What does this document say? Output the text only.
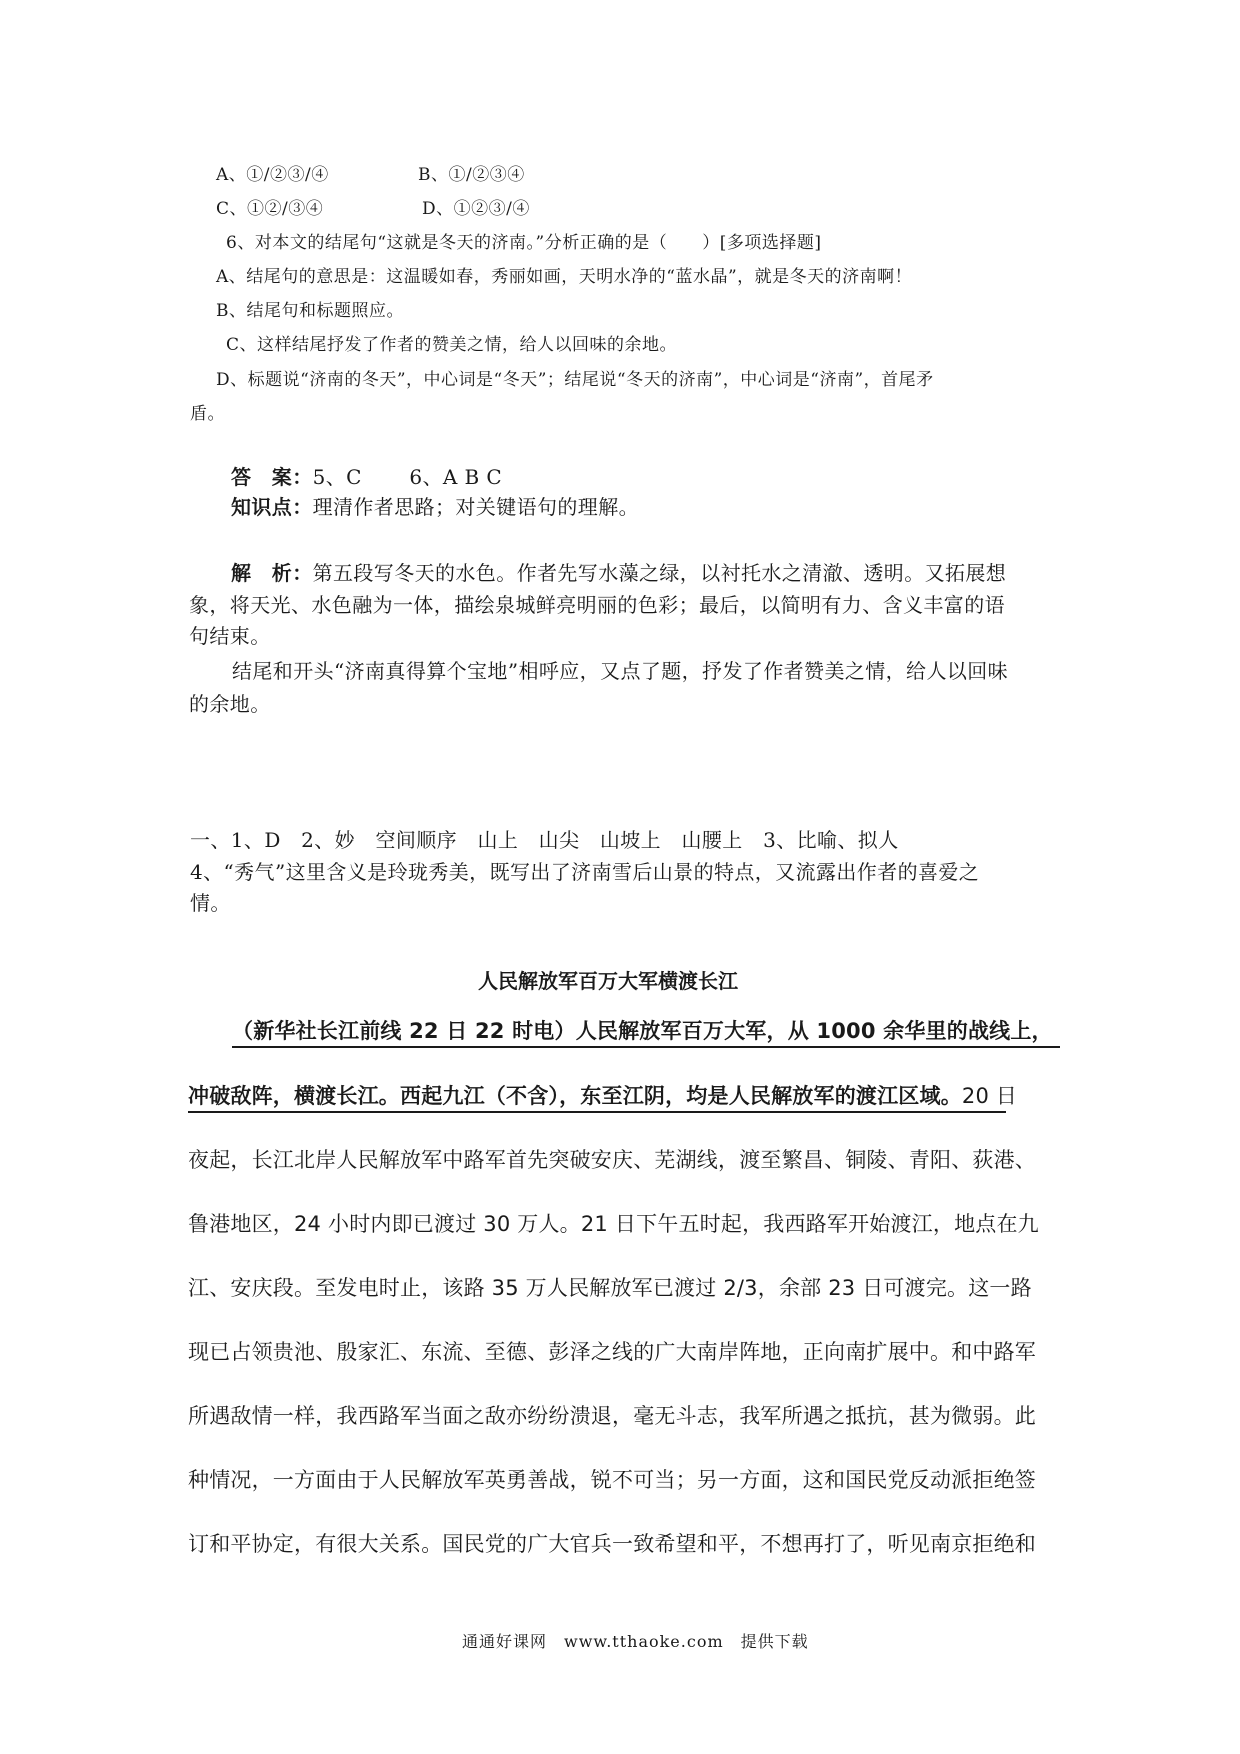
A、①/②③/④	B、①/②③④
C、①②/③④	D、①②③/④
6、对本文的结尾句“这就是冬天的济南。”分析正确的是（　　）[多项选择题]
A、结尾句的意思是：这温暖如春，秀丽如画，天明水净的“蓝水晶”，就是冬天的济南啊！
B、结尾句和标题照应。
C、这样结尾抒发了作者的赞美之情，给人以回味的余地。
D、标题说“济南的冬天”，中心词是“冬天”；结尾说“冬天的济南”，中心词是“济南”，首尾矛
盾。
答　案：5、C　　 6、A B C
知识点：理清作者思路；对关键语句的理解。
解　析：第五段写冬天的水色。作者先写水藻之绿，以衬托水之清澈、透明。又拓展想
象，将天光、水色融为一体，描绘泉城鲜亮明丽的色彩；最后，以简明有力、含义丰富的语
句结束。
结尾和开头“济南真得算个宝地”相呼应，又点了题，抒发了作者赞美之情，给人以回味
的余地。
一、1、D　2、妙　空间顺序　山上　山尖　山坡上　山腰上　3、比喻、拟人
4、“秀气”这里含义是玲珑秀美，既写出了济南雪后山景的特点，又流露出作者的喜爱之
情。
人民解放军百万大军横渡长江
（新华社长江前线 22 日 22 时电）人民解放军百万大军，从 1000 余华里的战线上，
冲破敌阵，横渡长江。西起九江（不含），东至江阴，均是人民解放军的渡江区域。20 日
夜起，长江北岸人民解放军中路军首先突破安庆、芜湖线，渡至繁昌、铜陵、青阳、荻港、
鲁港地区，24 小时内即已渡过 30 万人。21 日下午五时起，我西路军开始渡江，地点在九
江、安庆段。至发电时止，该路 35 万人民解放军已渡过 2/3，余部 23 日可渡完。这一路
现已占领贵池、殷家汇、东流、至德、彭泽之线的广大南岸阵地，正向南扩展中。和中路军
所遇敌情一样，我西路军当面之敌亦纷纷溃退，毫无斗志，我军所遇之抵抗，甚为微弱。此
种情况，一方面由于人民解放军英勇善战，锐不可当；另一方面，这和国民党反动派拒绝签
订和平协定，有很大关系。国民党的广大官兵一致希望和平，不想再打了，听见南京拒绝和
通通好课网　www.tthaoke.com　提供下载
